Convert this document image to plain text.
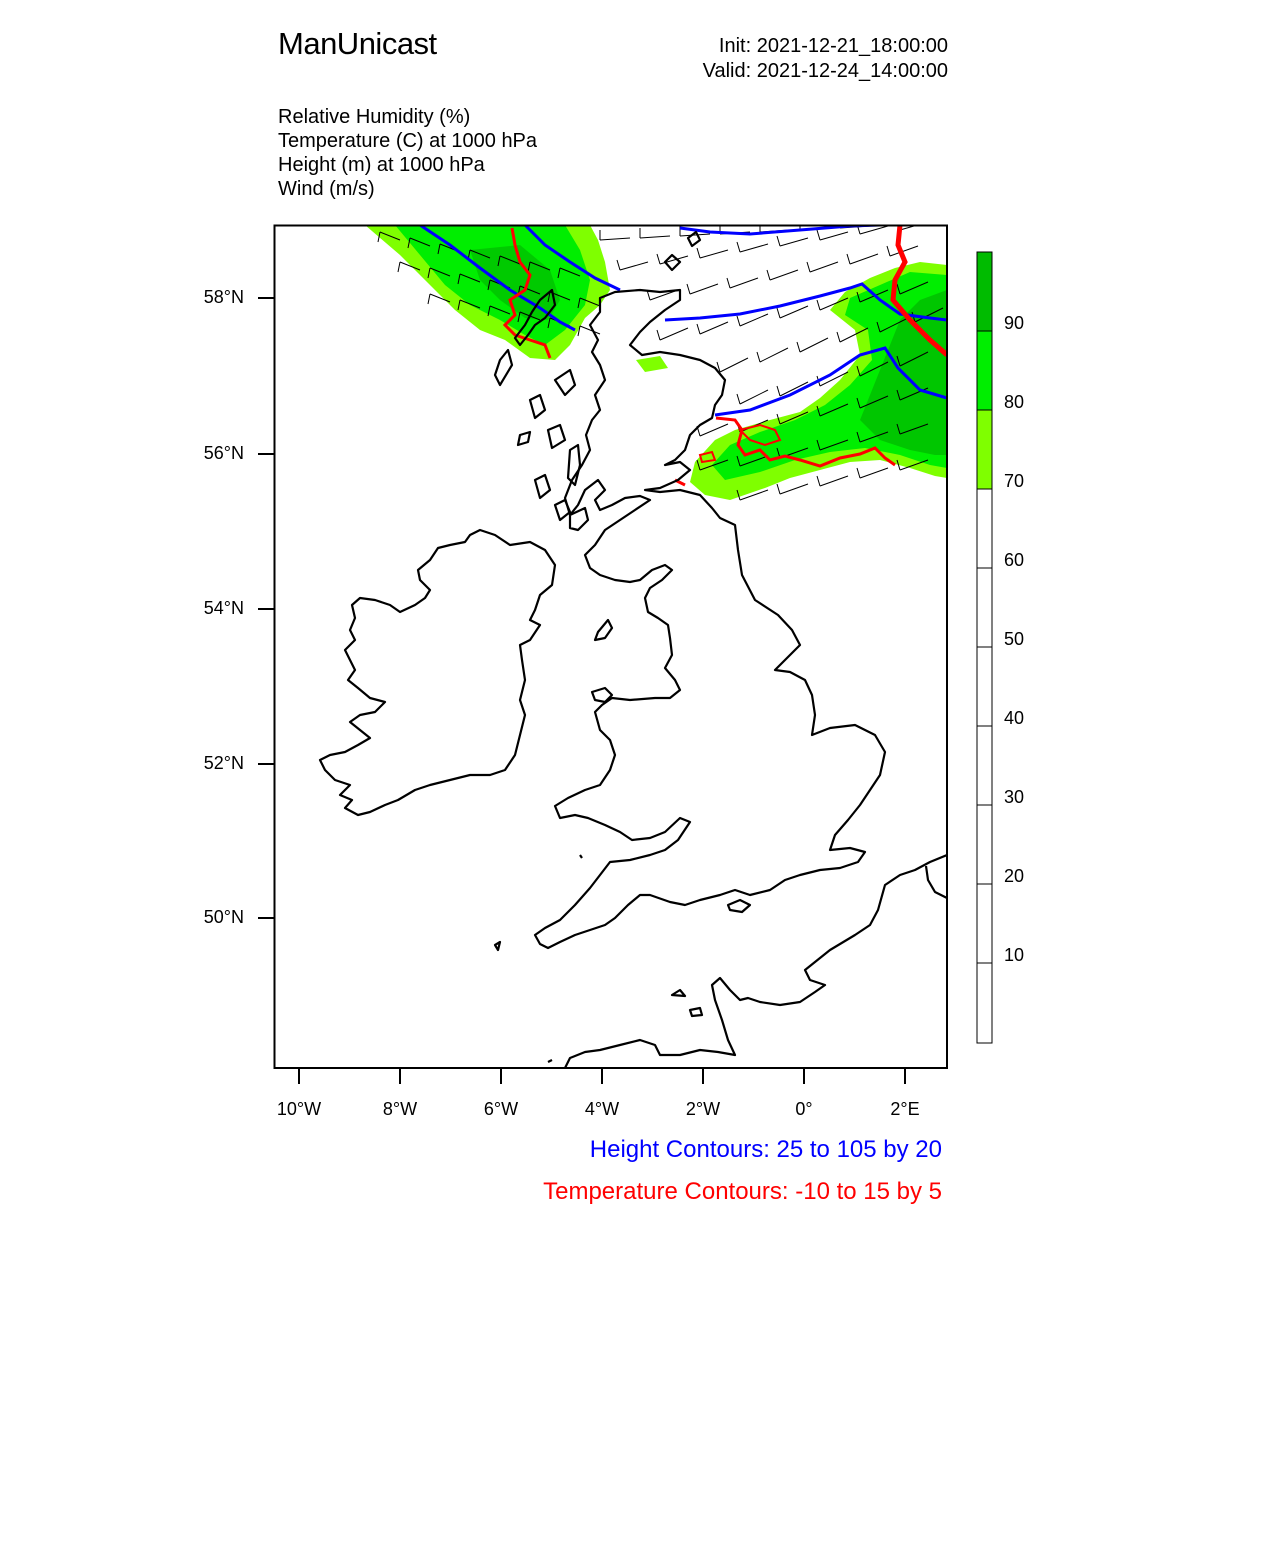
ManUnicast	Init: 2021-12-21_18:00:00
Valid: 2021-12-24_14:00:00
Relative Humidity (%)
Temperature (C) at 1000 hPa
Height (m) at 1000 hPa
Wind (m/s)
58°N
56°N
54°N
52°N
50°N
10°W	8°W	6°W	4°W	2°W	0°	2°E
90
80
70
60
50
40
30
20
10
Height Contours: 25 to 105 by 20
Temperature Contours: -10 to 15 by 5
